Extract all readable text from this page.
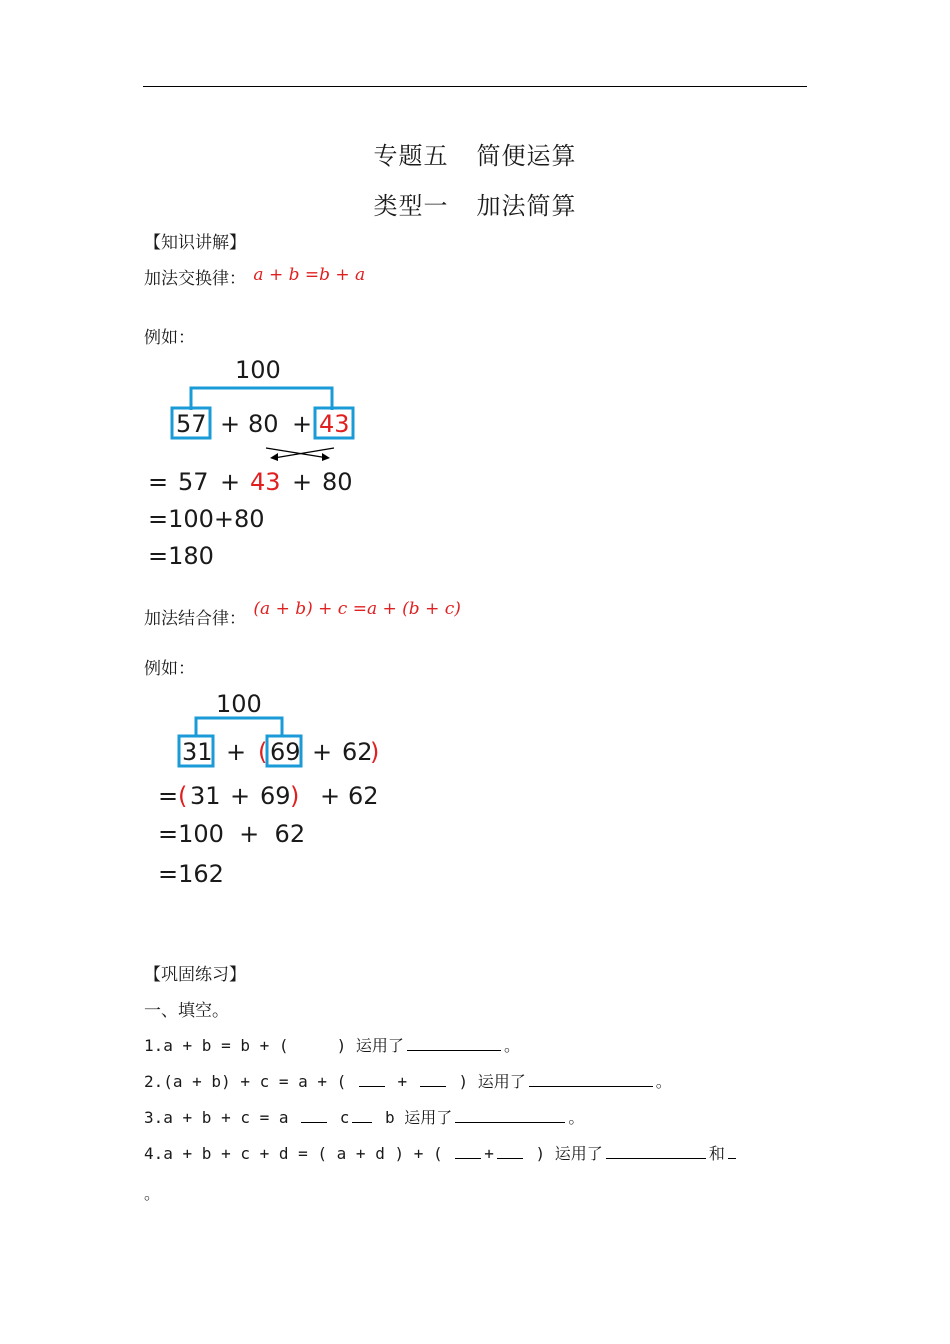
专题五 简便运算
类型一 加法简算
【知识讲解】
加法交换律： a + b =b + a
例如：
100
57 + 80 + 43
= 57 + 43 + 80
=100+80
=180
加法结合律： (a + b) + c =a + (b + c)
例如：
100
31 + ( 69 + 62
)
= ( 31 + 69 ) + 62
=100  +  62
=162
【巩固练习】
一、填空。
1.a + b = b + (     ) 运用了	。
2.(a + b) + c = a + (  +  ) 运用了	。
3.a + b + c = a  c b 运用了	。
4.a + b + c + d = ( a + d ) + ( + ) 运用了	和
。
